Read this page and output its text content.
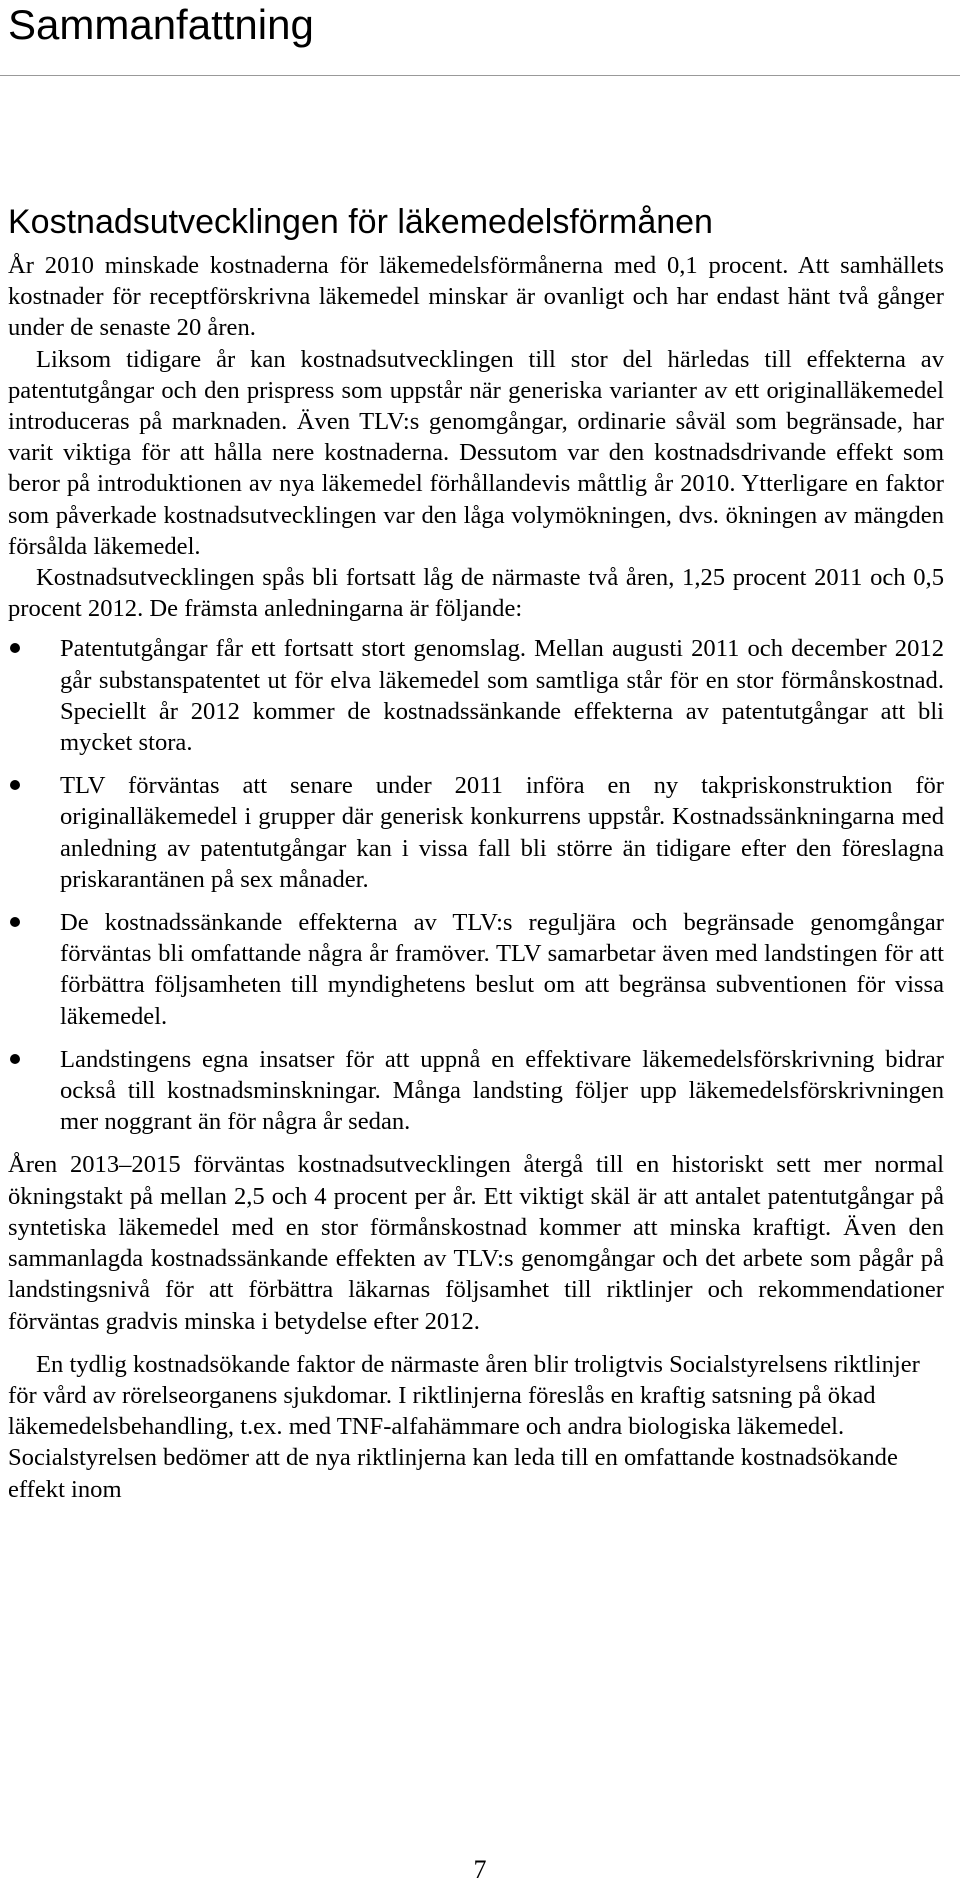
Sammanfattning
Kostnadsutvecklingen för läkemedelsförmånen

År 2010 minskade kostnaderna för läkemedelsförmånerna med 0,1 procent. Att samhällets kostnader för receptförskrivna läkemedel minskar är ovanligt och har endast hänt två gånger under de senaste 20 åren.

Liksom tidigare år kan kostnadsutvecklingen till stor del härledas till effekterna av patentutgångar och den prispress som uppstår när generiska varianter av ett originalläkemedel introduceras på marknaden. Även TLV:s genomgångar, ordinarie såväl som begränsade, har varit viktiga för att hålla nere kostnaderna. Dessutom var den kostnadsdrivande effekt som beror på introduktionen av nya läkemedel förhållandevis måttlig år 2010. Ytterligare en faktor som påverkade kostnadsutvecklingen var den låga volymökningen, dvs. ökningen av mängden försålda läkemedel.

Kostnadsutvecklingen spås bli fortsatt låg de närmaste två åren, 1,25 procent 2011 och 0,5 procent 2012. De främsta anledningarna är följande:

Patentutgångar får ett fortsatt stort genomslag. Mellan augusti 2011 och december 2012 går substanspatentet ut för elva läkemedel som samtliga står för en stor förmånskostnad. Speciellt år 2012 kommer de kostnadssänkande effekterna av patentutgångar att bli mycket stora.
TLV förväntas att senare under 2011 införa en ny takpriskonstruktion för originalläkemedel i grupper där generisk konkurrens uppstår. Kostnadssänkningarna med anledning av patentutgångar kan i vissa fall bli större än tidigare efter den föreslagna priskarantänen på sex månader.
De kostnadssänkande effekterna av TLV:s reguljära och begränsade genomgångar förväntas bli omfattande några år framöver. TLV samarbetar även med landstingen för att förbättra följsamheten till myndighetens beslut om att begränsa subventionen för vissa läkemedel.
Landstingens egna insatser för att uppnå en effektivare läkemedelsförskrivning bidrar också till kostnadsminskningar. Många landsting följer upp läkemedelsförskrivningen mer noggrant än för några år sedan.

Åren 2013–2015 förväntas kostnadsutvecklingen återgå till en historiskt sett mer normal ökningstakt på mellan 2,5 och 4 procent per år. Ett viktigt skäl är att antalet patentutgångar på syntetiska läkemedel med en stor förmånskostnad kommer att minska kraftigt. Även den sammanlagda kostnadssänkande effekten av TLV:s genomgångar och det arbete som pågår på landstingsnivå för att förbättra läkarnas följsamhet till riktlinjer och rekommendationer förväntas gradvis minska i betydelse efter 2012.

En tydlig kostnadsökande faktor de närmaste åren blir troligtvis Socialstyrelsens riktlinjer för vård av rörelseorganens sjukdomar. I riktlinjerna föreslås en kraftig satsning på ökad läkemedelsbehandling, t.ex. med TNF-alfahämmare och andra biologiska läkemedel. Socialstyrelsen bedömer att de nya riktlinjerna kan leda till en omfattande kostnadsökande effekt inom

7
